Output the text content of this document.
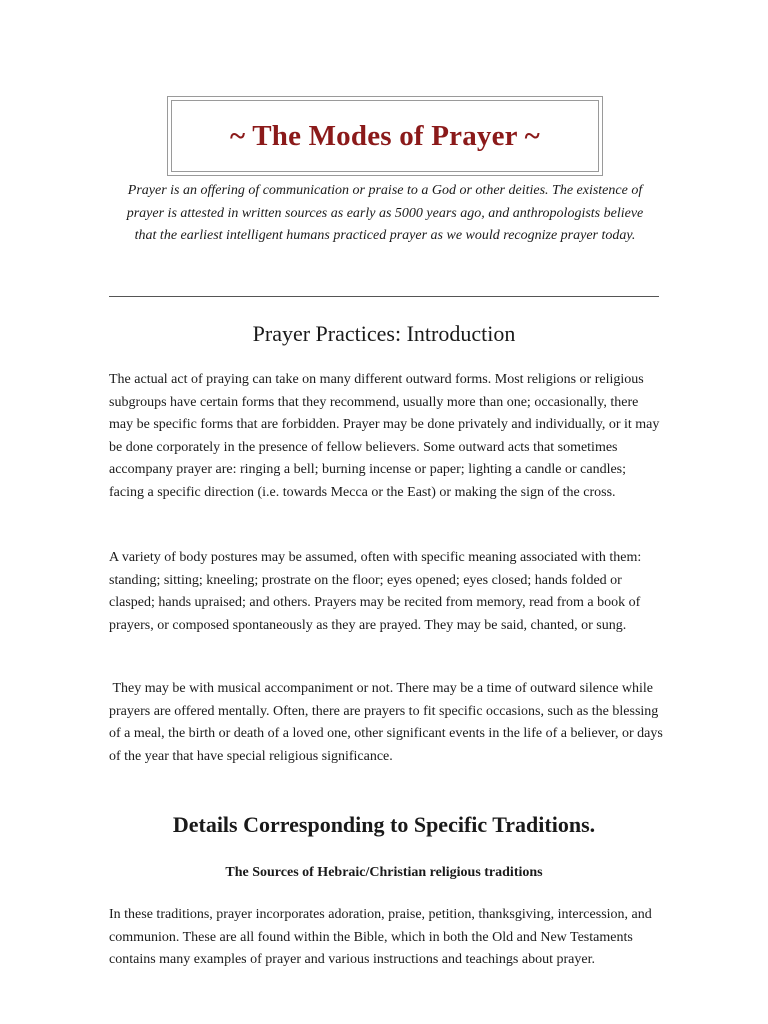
~ The Modes of Prayer ~

Prayer is an offering of communication or praise to a God or other deities. The existence of prayer is attested in written sources as early as 5000 years ago, and anthropologists believe that the earliest intelligent humans practiced prayer as we would recognize prayer today.

Prayer Practices: Introduction

The actual act of praying can take on many different outward forms. Most religions or religious subgroups have certain forms that they recommend, usually more than one; occasionally, there may be specific forms that are forbidden. Prayer may be done privately and individually, or it may be done corporately in the presence of fellow believers. Some outward acts that sometimes accompany prayer are: ringing a bell; burning incense or paper; lighting a candle or candles; facing a specific direction (i.e. towards Mecca or the East) or making the sign of the cross.

A variety of body postures may be assumed, often with specific meaning associated with them: standing; sitting; kneeling; prostrate on the floor; eyes opened; eyes closed; hands folded or clasped; hands upraised; and others. Prayers may be recited from memory, read from a book of prayers, or composed spontaneously as they are prayed. They may be said, chanted, or sung.

They may be with musical accompaniment or not. There may be a time of outward silence while prayers are offered mentally. Often, there are prayers to fit specific occasions, such as the blessing of a meal, the birth or death of a loved one, other significant events in the life of a believer, or days of the year that have special religious significance.

Details Corresponding to Specific Traditions.
The Sources of Hebraic/Christian religious traditions

In these traditions, prayer incorporates adoration, praise, petition, thanksgiving, intercession, and communion. These are all found within the Bible, which in both the Old and New Testaments contains many examples of prayer and various instructions and teachings about prayer.
